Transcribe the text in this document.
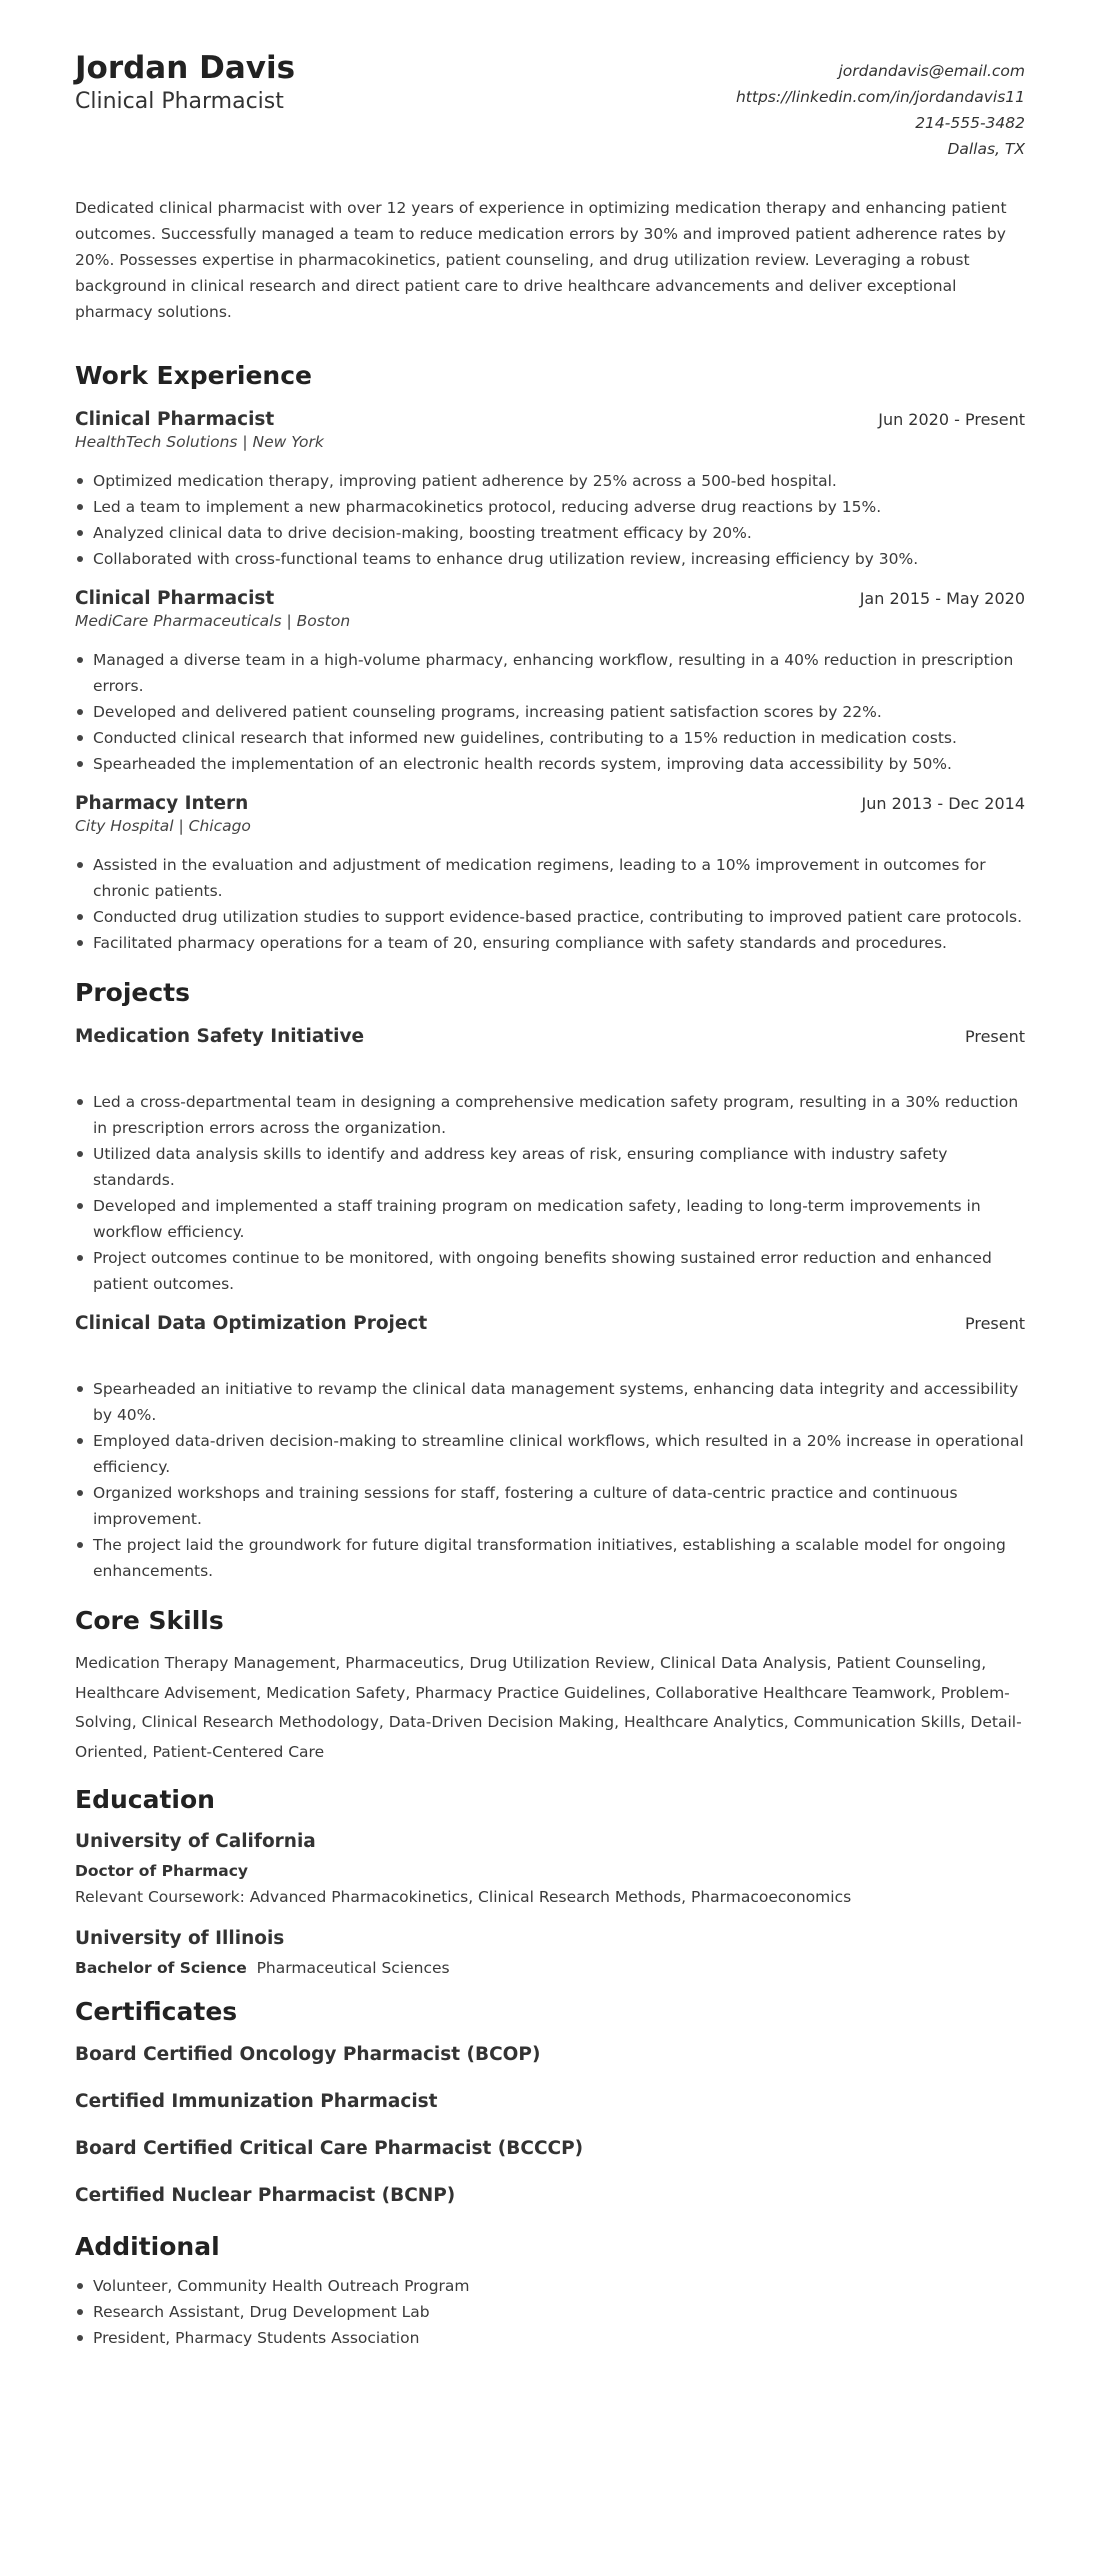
Jordan Davis
Clinical Pharmacist
jordandavis@email.com
https://linkedin.com/in/jordandavis11
214-555-3482
Dallas, TX
Dedicated clinical pharmacist with over 12 years of experience in optimizing medication therapy and enhancing patient outcomes. Successfully managed a team to reduce medication errors by 30% and improved patient adherence rates by 20%. Possesses expertise in pharmacokinetics, patient counseling, and drug utilization review. Leveraging a robust background in clinical research and direct patient care to drive healthcare advancements and deliver exceptional pharmacy solutions.
Work Experience
Clinical Pharmacist	Jun 2020 - Present
HealthTech Solutions | New York
Optimized medication therapy, improving patient adherence by 25% across a 500-bed hospital.
Led a team to implement a new pharmacokinetics protocol, reducing adverse drug reactions by 15%.
Analyzed clinical data to drive decision-making, boosting treatment efficacy by 20%.
Collaborated with cross-functional teams to enhance drug utilization review, increasing efficiency by 30%.
Clinical Pharmacist	Jan 2015 - May 2020
MediCare Pharmaceuticals | Boston
Managed a diverse team in a high-volume pharmacy, enhancing workflow, resulting in a 40% reduction in prescription errors.
Developed and delivered patient counseling programs, increasing patient satisfaction scores by 22%.
Conducted clinical research that informed new guidelines, contributing to a 15% reduction in medication costs.
Spearheaded the implementation of an electronic health records system, improving data accessibility by 50%.
Pharmacy Intern	Jun 2013 - Dec 2014
City Hospital | Chicago
Assisted in the evaluation and adjustment of medication regimens, leading to a 10% improvement in outcomes for chronic patients.
Conducted drug utilization studies to support evidence-based practice, contributing to improved patient care protocols.
Facilitated pharmacy operations for a team of 20, ensuring compliance with safety standards and procedures.
Projects
Medication Safety Initiative	Present
Led a cross-departmental team in designing a comprehensive medication safety program, resulting in a 30% reduction in prescription errors across the organization.
Utilized data analysis skills to identify and address key areas of risk, ensuring compliance with industry safety standards.
Developed and implemented a staff training program on medication safety, leading to long-term improvements in workflow efficiency.
Project outcomes continue to be monitored, with ongoing benefits showing sustained error reduction and enhanced patient outcomes.
Clinical Data Optimization Project	Present
Spearheaded an initiative to revamp the clinical data management systems, enhancing data integrity and accessibility by 40%.
Employed data-driven decision-making to streamline clinical workflows, which resulted in a 20% increase in operational efficiency.
Organized workshops and training sessions for staff, fostering a culture of data-centric practice and continuous improvement.
The project laid the groundwork for future digital transformation initiatives, establishing a scalable model for ongoing enhancements.
Core Skills
Medication Therapy Management, Pharmaceutics, Drug Utilization Review, Clinical Data Analysis, Patient Counseling, Healthcare Advisement, Medication Safety, Pharmacy Practice Guidelines, Collaborative Healthcare Teamwork, Problem-Solving, Clinical Research Methodology, Data-Driven Decision Making, Healthcare Analytics, Communication Skills, Detail-Oriented, Patient-Centered Care
Education
University of California
Doctor of Pharmacy
Relevant Coursework: Advanced Pharmacokinetics, Clinical Research Methods, Pharmacoeconomics
University of Illinois
Bachelor of Science Pharmaceutical Sciences
Certificates
Board Certified Oncology Pharmacist (BCOP)
Certified Immunization Pharmacist
Board Certified Critical Care Pharmacist (BCCCP)
Certified Nuclear Pharmacist (BCNP)
Additional
Volunteer, Community Health Outreach Program
Research Assistant, Drug Development Lab
President, Pharmacy Students Association
